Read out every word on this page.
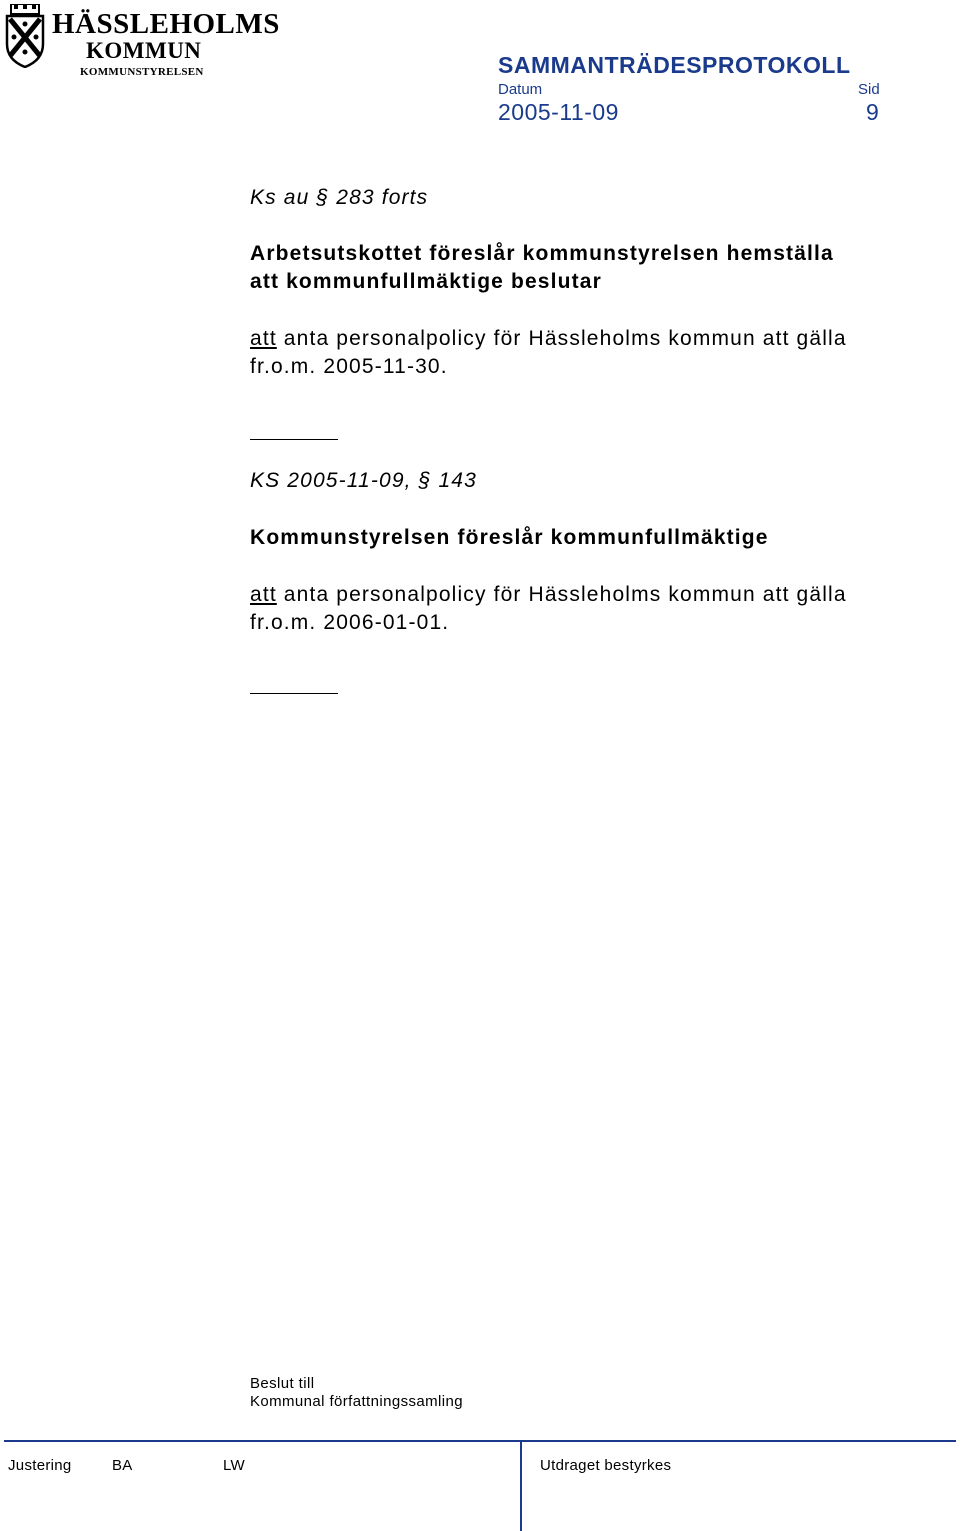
HÄSSLEHOLMS
KOMMUN
KOMMUNSTYRELSEN	SAMMANTRÄDESPROTOKOLL
Datum	Sid
2005-11-09	9
Ks au § 283 forts
Arbetsutskottet föreslår kommunstyrelsen hemställa
att kommunfullmäktige beslutar
att anta personalpolicy för Hässleholms kommun att gälla
fr.o.m. 2005-11-30.
KS 2005-11-09, § 143
Kommunstyrelsen föreslår kommunfullmäktige
att anta personalpolicy för Hässleholms kommun att gälla
fr.o.m. 2006-01-01.
Beslut till
Kommunal författningssamling
Justering	BA	LW	Utdraget bestyrkes
